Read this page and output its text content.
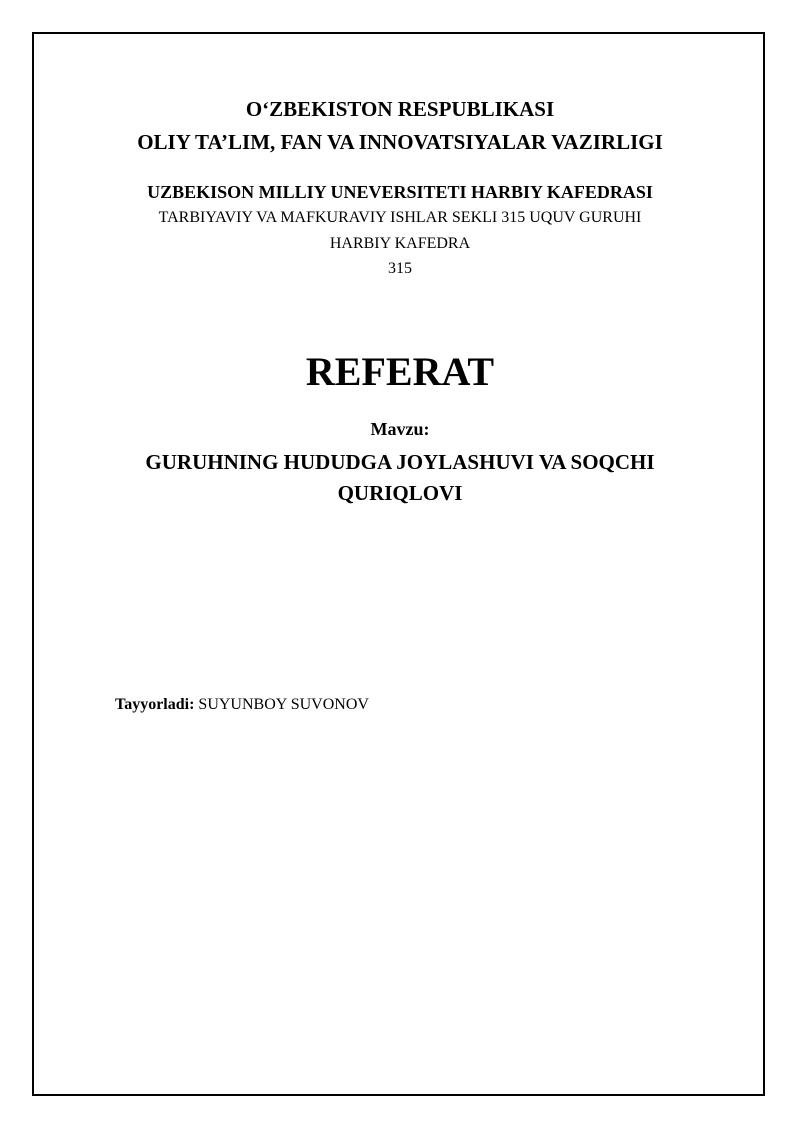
O‘ZBEKISTON RESPUBLIKASI

OLIY TA’LIM, FAN VA INNOVATSIYALAR VAZIRLIGI

UZBEKISON MILLIY UNEVERSITETI HARBIY KAFEDRASI

TARBIYAVIY VA MAFKURAVIY ISHLAR SEKLI 315 UQUV GURUHI

HARBIY KAFEDRA

315

REFERAT

Mavzu:

GURUHNING HUDUDGA JOYLASHUVI VA SOQCHI

QURIQLOVI

Tayyorladi: SUYUNBOY SUVONOV
